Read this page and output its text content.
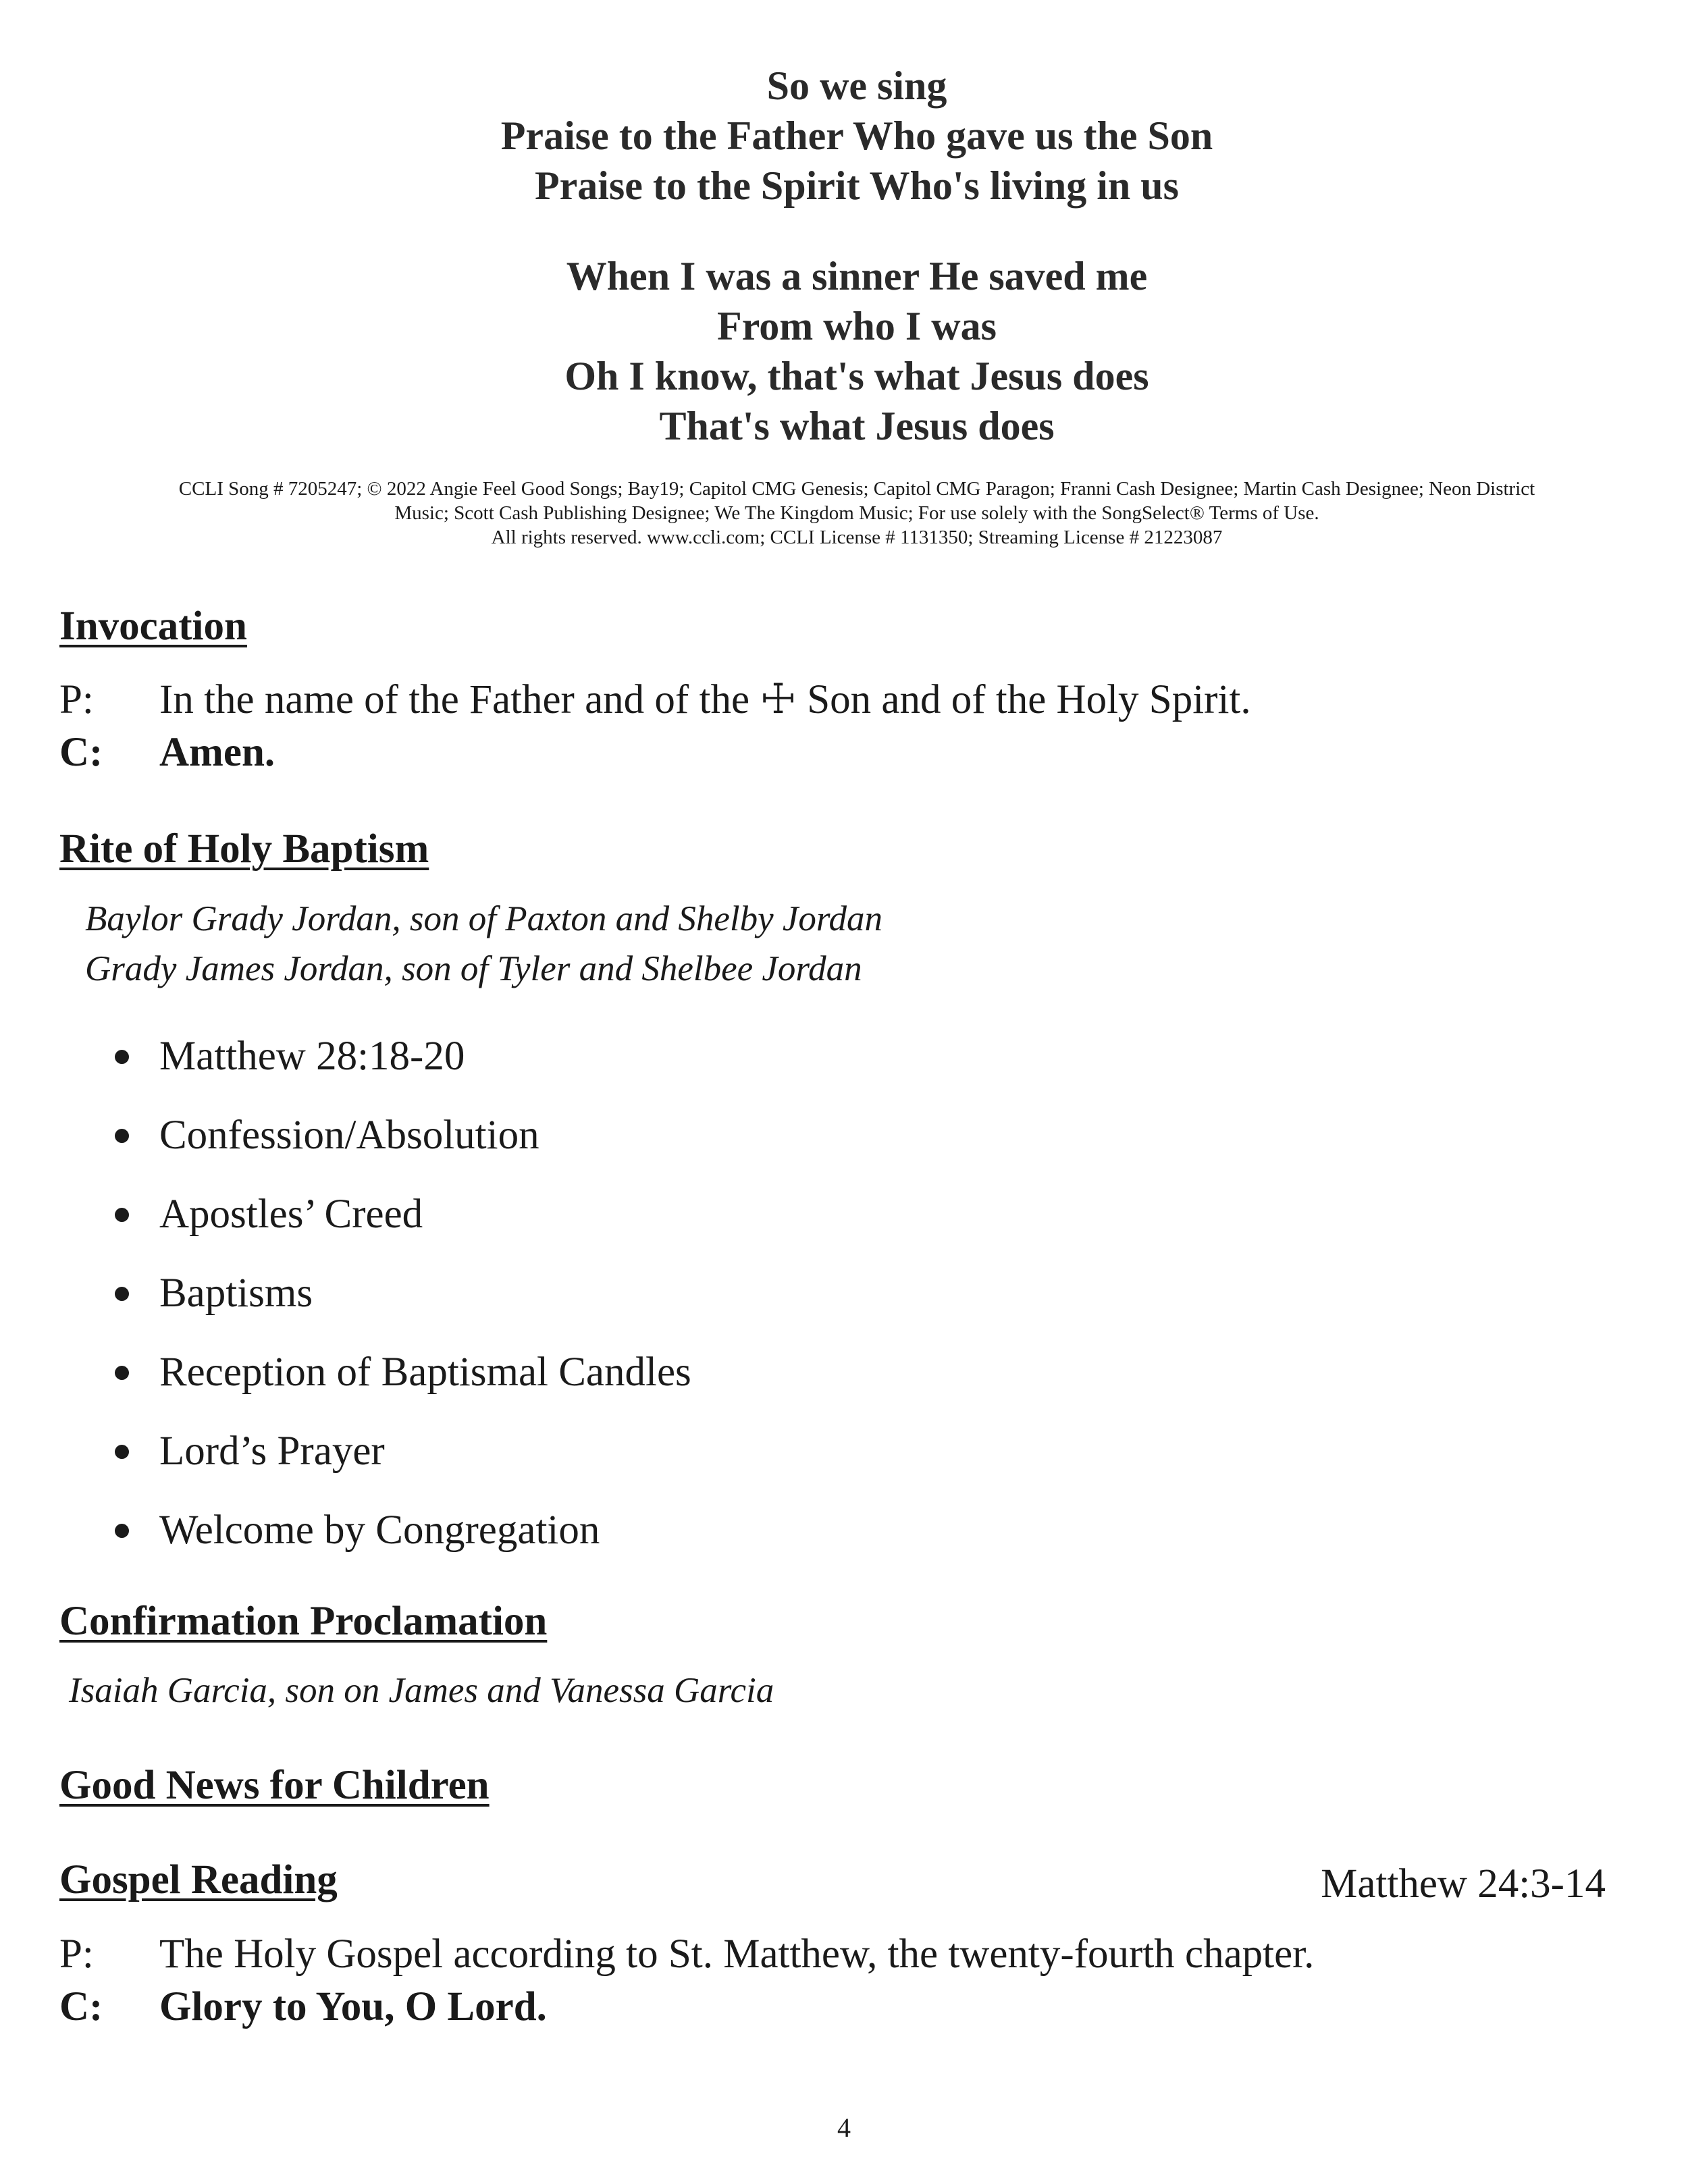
So we sing
Praise to the Father Who gave us the Son
Praise to the Spirit Who's living in us
When I was a sinner He saved me
From who I was
Oh I know, that's what Jesus does
That's what Jesus does
CCLI Song # 7205247; © 2022 Angie Feel Good Songs; Bay19; Capitol CMG Genesis; Capitol CMG Paragon; Franni Cash Designee; Martin Cash Designee; Neon District
Music; Scott Cash Publishing Designee; We The Kingdom Music; For use solely with the SongSelect® Terms of Use.
All rights reserved. www.ccli.com; CCLI License # 1131350; Streaming License # 21223087
Invocation
P: In the name of the Father and of the ☩ Son and of the Holy Spirit.
C: Amen.
Rite of Holy Baptism
Baylor Grady Jordan, son of Paxton and Shelby Jordan
Grady James Jordan, son of Tyler and Shelbee Jordan
Matthew 28:18-20
Confession/Absolution
Apostles’ Creed
Baptisms
Reception of Baptismal Candles
Lord’s Prayer
Welcome by Congregation
Confirmation Proclamation
Isaiah Garcia, son on James and Vanessa Garcia
Good News for Children
Gospel Reading	Matthew 24:3-14
P: The Holy Gospel according to St. Matthew, the twenty-fourth chapter.
C: Glory to You, O Lord.
4
